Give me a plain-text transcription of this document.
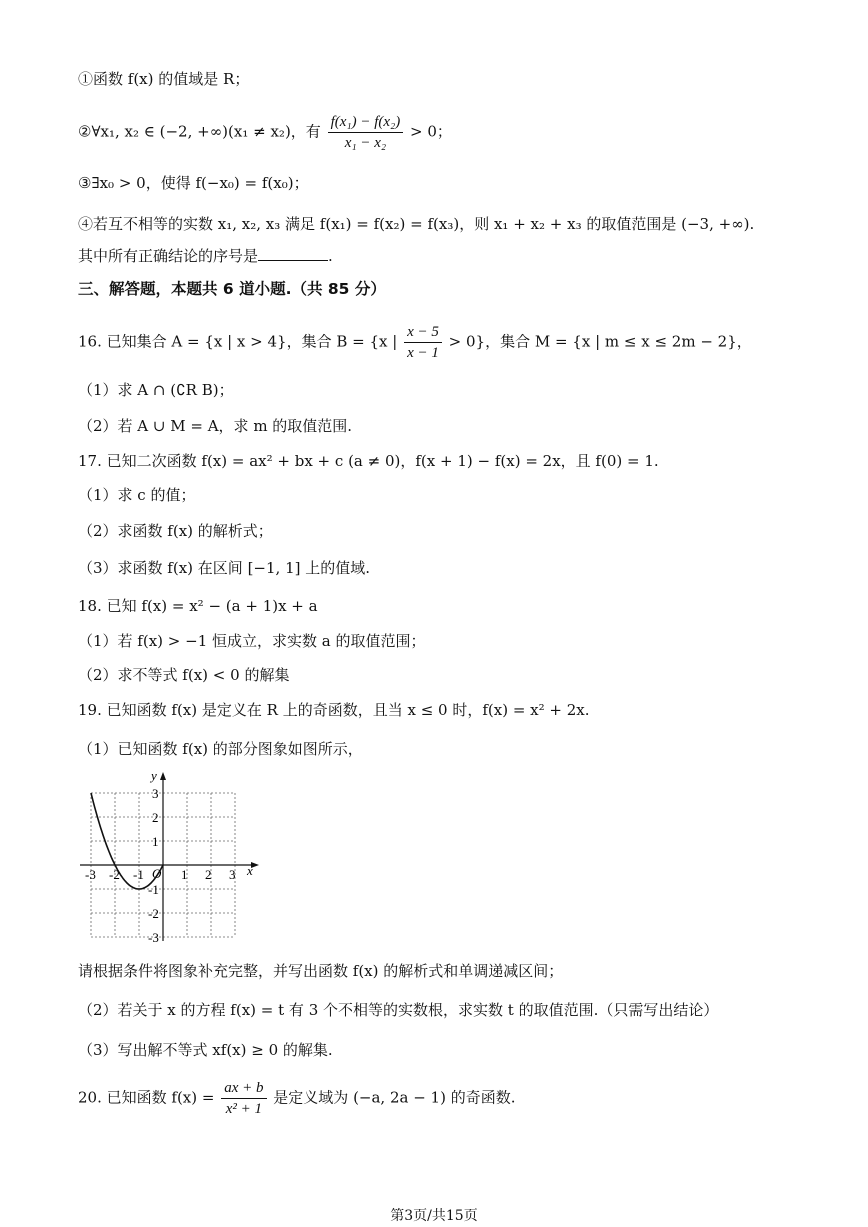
①函数 f(x) 的值域是 R；
②∀x₁, x₂ ∈ (−2, +∞)(x₁ ≠ x₂)，有 $\frac{\text{f(x₁) − f(x₂)}}{\text{x₁ − x₂}} > 0$；
③∃x₀ > 0，使得 f(−x₀) = f(x₀)；
④若互不相等的实数 x₁, x₂, x₃ 满足 f(x₁) = f(x₂) = f(x₃)，则 x₁ + x₂ + x₃ 的取值范围是 (−3, +∞).
其中所有正确结论的序号是	.
三、解答题，本题共 6 道小题.（共 85 分）
16. 已知集合 A = {x | x > 4}，集合 B = {x | $\frac{x - 5}{x - 1} > 0$}，集合 M = {x | m ≤ x ≤ 2m − 2}，
（1）求 A ∩ (∁R B)；
（2）若 A ∪ M = A，求 m 的取值范围.
17. 已知二次函数 f(x) = ax² + bx + c (a ≠ 0)，f(x + 1) − f(x) = 2x，且 f(0) = 1.
（1）求 c 的值；
（2）求函数 f(x) 的解析式；
（3）求函数 f(x) 在区间 [−1, 1] 上的值域.
18. 已知 f(x) = x² − (a + 1)x + a
（1）若 f(x) > −1 恒成立，求实数 a 的取值范围；
（2）求不等式 f(x) < 0 的解集
19. 已知函数 f(x) 是定义在 R 上的奇函数，且当 x ≤ 0 时，f(x) = x² + 2x.
（1）已知函数 f(x) 的部分图象如图所示，
y
x
O
-3 -2 -1	1 2 3
3
2
1
-1
-2
-3
请根据条件将图象补充完整，并写出函数 f(x) 的解析式和单调递减区间；
（2）若关于 x 的方程 f(x) = t 有 3 个不相等的实数根，求实数 t 的取值范围.（只需写出结论）
（3）写出解不等式 xf(x) ≥ 0 的解集.
20. 已知函数 $f(x) = \frac{ax + b}{\text{x² + 1}}$ 是定义域为 (−a, 2a − 1) 的奇函数.
第3页/共15页
